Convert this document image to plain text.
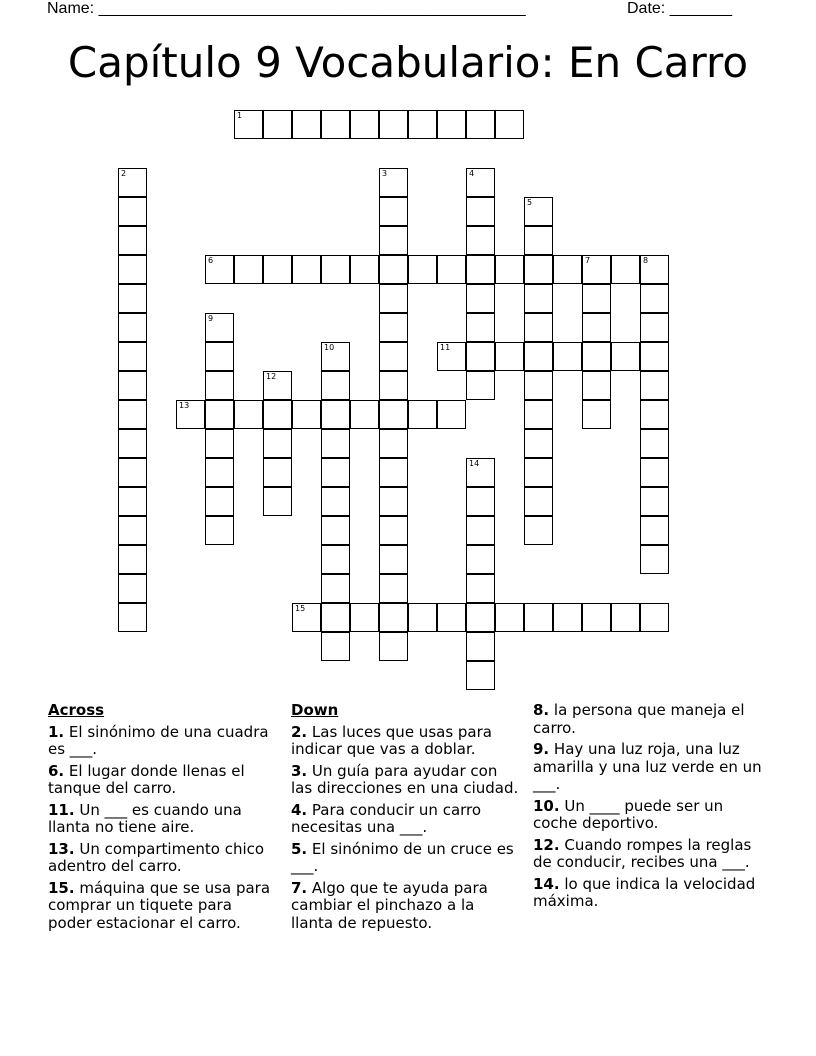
Name: ________________________________________________	Date: _______
Capítulo 9 Vocabulario: En Carro
1
2	3	4
5
6	7	8
9
10	11
12
13
14
15
Across
1. El sinónimo de una cuadra es ___.
6. El lugar donde llenas el tanque del carro.
11. Un ___ es cuando una llanta no tiene aire.
13. Un compartimento chico adentro del carro.
15. máquina que se usa para comprar un tiquete para poder estacionar el carro.
Down
2. Las luces que usas para indicar que vas a doblar.
3. Un guía para ayudar con las direcciones en una ciudad.
4. Para conducir un carro necesitas una ___.
5. El sinónimo de un cruce es ___.
7. Algo que te ayuda para cambiar el pinchazo a la llanta de repuesto.
8. la persona que maneja el carro.
9. Hay una luz roja, una luz amarilla y una luz verde en un ___.
10. Un ____ puede ser un coche deportivo.
12. Cuando rompes la reglas de conducir, recibes una ___.
14. lo que indica la velocidad máxima.
